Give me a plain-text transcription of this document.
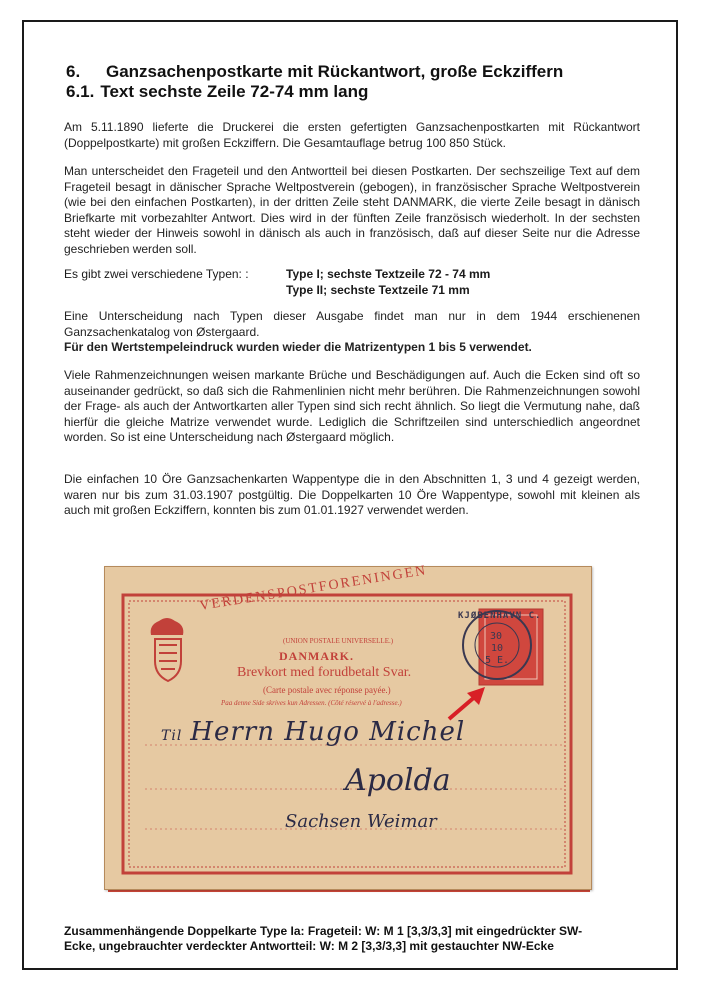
6. Ganzsachenpostkarte mit Rückantwort, große Eckziffern
6.1. Text sechste Zeile 72-74 mm lang
Am 5.11.1890 lieferte die Druckerei die ersten gefertigten Ganzsachenpostkarten mit Rückantwort (Doppelpostkarte) mit großen Eckziffern. Die Gesamtauflage betrug 100 850 Stück.
Man unterscheidet den Frageteil und den Antwortteil bei diesen Postkarten. Der sechszeilige Text auf dem Frageteil besagt in dänischer Sprache Weltpostverein (gebogen), in französischer Sprache Weltpostverein (wie bei den einfachen Postkarten), in der dritten Zeile steht DANMARK, die vierte Zeile besagt in dänisch Briefkarte mit vorbezahlter Antwort. Dies wird in der fünften Zeile französisch wiederholt. In der sechsten steht wieder der Hinweis sowohl in dänisch als auch in französisch, daß auf dieser Seite nur die Adresse geschrieben werden soll.
Es gibt zwei verschiedene Typen: :	Type I; sechste Textzeile 72 - 74 mm
Type II; sechste Textzeile 71 mm
Eine Unterscheidung nach Typen dieser Ausgabe findet man nur in dem 1944 erschienenen Ganzsachenkatalog von Østergaard.
Für den Wertstempeleindruck wurden wieder die Matrizentypen 1 bis 5 verwendet.
Viele Rahmenzeichnungen weisen markante Brüche und Beschädigungen auf. Auch die Ecken sind oft so auseinander gedrückt, so daß sich die Rahmenlinien nicht mehr berühren. Die Rahmenzeichnungen sowohl der Frage- als auch der Antwortkarten aller Typen sind sich recht ähnlich. So liegt die Vermutung nahe, daß hierfür die gleiche Matrize verwendet wurde. Lediglich die Schriftzeilen sind unterschiedlich angeordnet worden. So ist eine Unterscheidung nach Østergaard möglich.
Die einfachen 10 Öre Ganzsachenkarten Wappentype die in den Abschnitten 1, 3 und 4 gezeigt werden, waren nur bis zum 31.03.1907 postgültig. Die Doppelkarten 10 Öre Wappentype, sowohl mit kleinen als auch mit großen Eckziffern, konnten bis zum 01.01.1927 verwendet werden.
VERDENSPOSTFORENINGEN
(UNION POSTALE UNIVERSELLE.)
DANMARK.
Brevkort med forudbetalt Svar.
(Carte postale avec réponse payée.)
Paa denne Side skrives kun Adressen. (Côté réservé à l'adresse.)
KJØBENHAVN C.
30
10
5 E.
Til Herrn Hugo Michel
Apolda
Sachsen Weimar
Zusammenhängende Doppelkarte Type Ia: Frageteil: W: M 1 [3,3/3,3] mit eingedrückter SW-
Ecke, ungebrauchter verdeckter Antwortteil: W: M 2 [3,3/3,3] mit gestauchter NW-Ecke
